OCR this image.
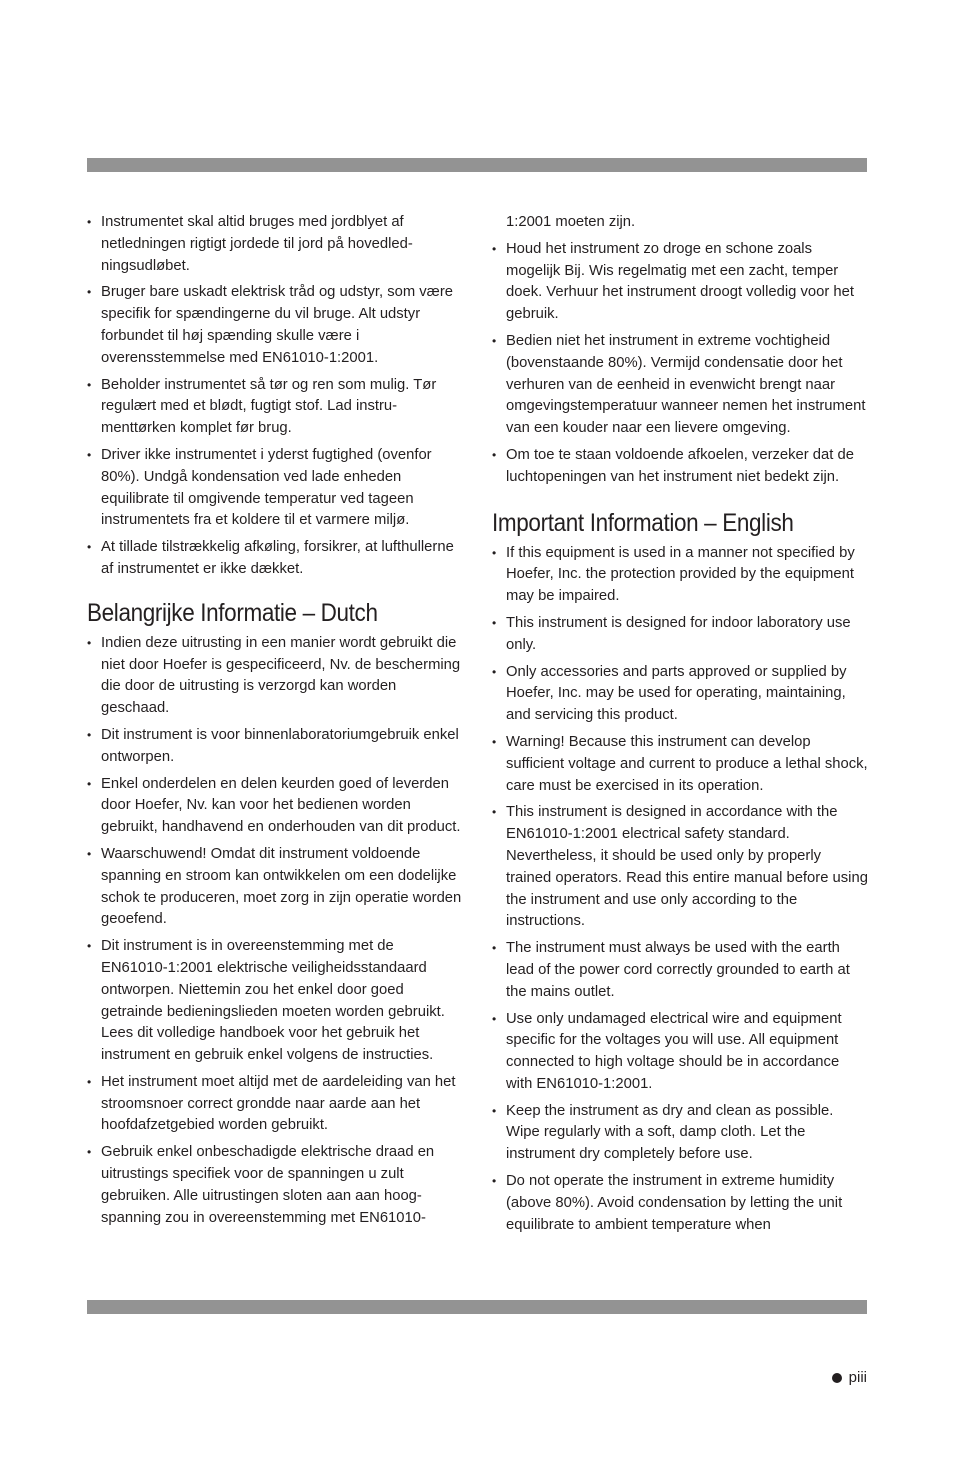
• Instrumentet skal altid bruges med jordblyet af netledningen rigtigt jordede til jord på hovedledningsudløbet.
• Bruger bare uskadt elektrisk tråd og udstyr, som være specifik for spændingerne du vil bruge. Alt udstyr forbundet til høj spænding skulle være i overensstemmelse med EN61010-1:2001.
• Beholder instrumentet så tør og ren som mulig. Tør regulært med et blødt, fugtigt stof. Lad instrumenttørken komplet før brug.
• Driver ikke instrumentet i yderst fugtighed (ovenfor 80%). Undgå kondensation ved lade enheden equilibrate til omgivende temperatur ved tageen instrumentets fra et koldere til et varmere miljø.
• At tillade tilstrækkelig afkøling, forsikrer, at lufthullerne af instrumentet er ikke dækket.
Belangrijke Informatie – Dutch
• Indien deze uitrusting in een manier wordt gebruikt die niet door Hoefer is gespecificeerd, Nv. de bescherming die door de uitrusting is verzorgd kan worden geschaad.
• Dit instrument is voor binnenlaboratoriumgebruik enkel ontworpen.
• Enkel onderdelen en delen keurden goed of leverden door Hoefer, Nv. kan voor het bedienen worden gebruikt, handhavend en onderhouden van dit product.
• Waarschuwend! Omdat dit instrument voldoende spanning en stroom kan ontwikkelen om een dodelijke schok te produceren, moet zorg in zijn operatie worden geoefend.
• Dit instrument is in overeenstemming met de EN61010-1:2001 elektrische veiligheidsstandaard ontworpen. Niettemin zou het enkel door goed getrainde bedieningslieden moeten worden gebruikt. Lees dit volledige handboek voor het gebruik het instrument en gebruik enkel volgens de instructies.
• Het instrument moet altijd met de aardeleiding van het stroomsnoer correct grondde naar aarde aan het hoofdafzetgebied worden gebruikt.
• Gebruik enkel onbeschadigde elektrische draad en uitrustings specifiek voor de spanningen u zult gebruiken. Alle uitrustingen sloten aan aan hoogspanning zou in overeenstemming met EN61010-

1:2001 moeten zijn.

• Houd het instrument zo droge en schone zoals mogelijk Bij. Wis regelmatig met een zacht, temper doek. Verhuur het instrument droogt volledig voor het gebruik.
• Bedien niet het instrument in extreme vochtigheid (bovenstaande 80%). Vermijd condensatie door het verhuren van de eenheid in evenwicht brengt naar omgevingstemperatuur wanneer nemen het instrument van een kouder naar een lievere omgeving.
• Om toe te staan voldoende afkoelen, verzeker dat de luchtopeningen van het instrument niet bedekt zijn.
Important Information – English
• If this equipment is used in a manner not specified by Hoefer, Inc. the protection provided by the equipment may be impaired.
• This instrument is designed for indoor laboratory use only.
• Only accessories and parts approved or supplied by Hoefer, Inc. may be used for operating, maintaining, and servicing this product.
• Warning! Because this instrument can develop sufficient voltage and current to produce a lethal shock, care must be exercised in its operation.
• This instrument is designed in accordance with the EN61010-1:2001 electrical safety standard. Nevertheless, it should be used only by properly trained operators. Read this entire manual before using the instrument and use only according to the instructions.
• The instrument must always be used with the earth lead of the power cord correctly grounded to earth at the mains outlet.
• Use only undamaged electrical wire and equipment specific for the voltages you will use. All equipment connected to high voltage should be in accordance with EN61010-1:2001.
• Keep the instrument as dry and clean as possible. Wipe regularly with a soft, damp cloth. Let the instrument dry completely before use.
• Do not operate the instrument in extreme humidity (above 80%). Avoid condensation by letting the unit equilibrate to ambient temperature when
piii
